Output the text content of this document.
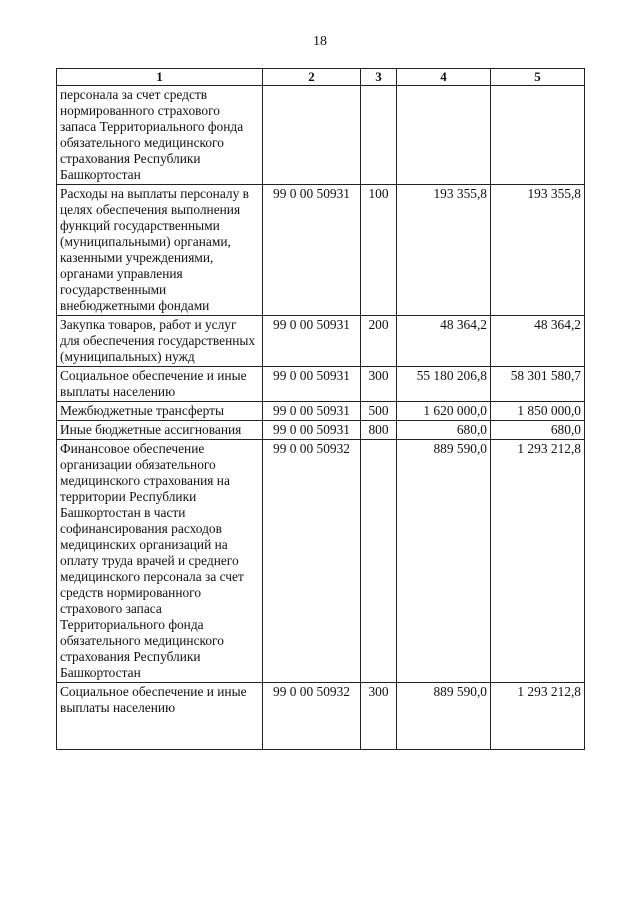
18
1	2	3	4	5
персонала за счет средств нормированного страхового запаса Территориального фонда обязательного медицинского страхования Республики Башкортостан				
Расходы на выплаты персоналу в целях обеспечения выполнения функций государственными (муниципальными) органами, казенными учреждениями, органами управления государственными внебюджетными фондами	99 0 00 50931	100	193 355,8	193 355,8
Закупка товаров, работ и услуг для обеспечения государственных (муниципальных) нужд	99 0 00 50931	200	48 364,2	48 364,2
Социальное обеспечение и иные выплаты населению	99 0 00 50931	300	55 180 206,8	58 301 580,7
Межбюджетные трансферты	99 0 00 50931	500	1 620 000,0	1 850 000,0
Иные бюджетные ассигнования	99 0 00 50931	800	680,0	680,0
Финансовое обеспечение организации обязательного медицинского страхования на территории Республики Башкортостан в части софинансирования расходов медицинских организаций на оплату труда врачей и среднего медицинского персонала за счет средств нормированного страхового запаса Территориального фонда обязательного медицинского страхования Республики Башкортостан	99 0 00 50932		889 590,0	1 293 212,8
Социальное обеспечение и иные выплаты населению	99 0 00 50932	300	889 590,0	1 293 212,8
